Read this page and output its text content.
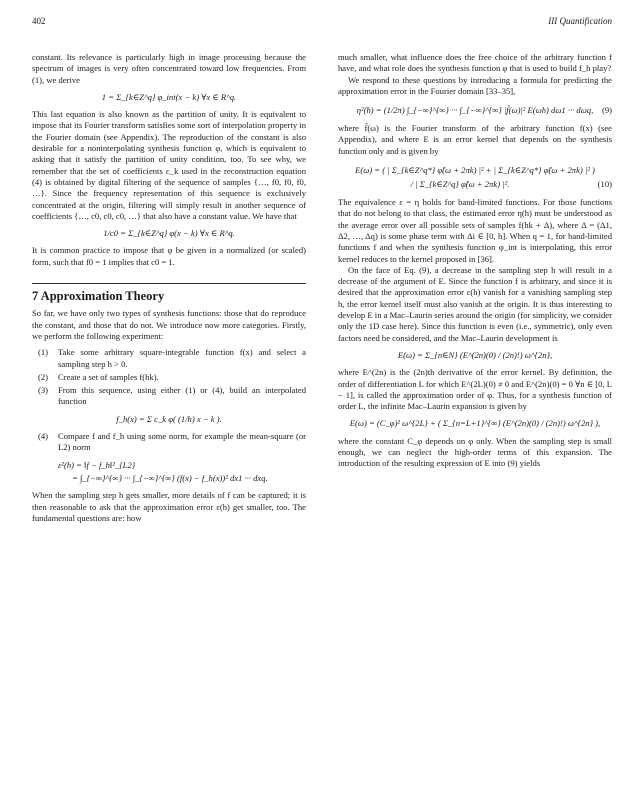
402	III Quantification

constant. Its relevance is particularly high in image processing because the spectrum of images is very often concentrated toward low frequencies. From (1), we derive

1 = Σ_{k∈Z^q} φ_int(x − k) ∀x ∈ R^q.

This last equation is also known as the partition of unity. It is equivalent to impose that its Fourier transform satisfies some sort of interpolation property in the Fourier domain (see Appendix). The reproduction of the constant is also desirable for a noninterpolating synthesis function φ, which is equivalent to asking that it satisfy the partition of unity condition, too. To see why, we remember that the set of coefficients c_k used in the reconstruction equation (4) is obtained by digital filtering of the sequence of samples {…, f0, f0, f0, …}. Since the frequency representation of this sequence is exclusively concentrated at the origin, filtering will simply result in another sequence of coefficients {…, c0, c0, c0, …} that also have a constant value. We have that

1/c0 = Σ_{k∈Z^q} φ(x − k) ∀x ∈ R^q.

It is common practice to impose that φ be given in a normalized (or scaled) form, such that f0 = 1 implies that c0 = 1.

7 Approximation Theory

So far, we have only two types of synthesis functions: those that do reproduce the constant, and those that do not. We introduce now more categories. Firstly, we perform the following experiment:

(1) Take some arbitrary square-integrable function f(x) and select a sampling step h > 0.
(2) Create a set of samples f(hk).
(3) From this sequence, using either (1) or (4), build an interpolated function
f_h(x) = Σ c_k φ( (1/h) x − k ).
(4) Compare f and f_h using some norm, for example the mean-square (or L2) norm
ε²(h) = ‖f − f_h‖²_{L2}
= ∫_{−∞}^{∞} ··· ∫_{−∞}^{∞} (f(x) − f_h(x))² dx1 ··· dxq.

When the sampling step h gets smaller, more details of f can be captured; it is then reasonable to ask that the approximation error ε(h) get smaller, too. The fundamental questions are: how

much smaller, what influence does the free choice of the arbitrary function f have, and what role does the synthesis function φ that is used to build f_h play?

We respond to these questions by introducing a formula for predicting the approximation error in the Fourier domain [33–35],

η²(h) = (1/2π) ∫_{−∞}^{∞} ··· ∫_{−∞}^{∞} |f̂(ω)|² E(ωh) dω1 ··· dωq, (9)

where f̂(ω) is the Fourier transform of the arbitrary function f(x) (see Appendix), and where E is an error kernel that depends on the synthesis function only and is given by

E(ω) = ( | Σ_{k∈Z^q*} φ̂(ω + 2πk) |² + | Σ_{k∈Z^q*} φ̂(ω + 2πk) |² )
/ | Σ_{k∈Z^q} φ̂(ω + 2πk) |².	(10)

The equivalence ε = η holds for band-limited functions. For those functions that do not belong to that class, the estimated error η(h) must be understood as the average error over all possible sets of samples f(hk + Δ), where Δ = (Δ1, Δ2, …, Δq) is some phase term with Δi ∈ [0, h]. When q = 1, for band-limited functions f and when the synthesis function φ_int is interpolating, this error kernel reduces to the kernel proposed in [36].

On the face of Eq. (9), a decrease in the sampling step h will result in a decrease of the argument of E. Since the function f is arbitrary, and since it is desired that the approximation error ε(h) vanish for a vanishing sampling step h, the error kernel itself must also vanish at the origin. It is thus interesting to develop E in a Mac–Laurin series around the origin (for simplicity, we consider only the 1D case here). Since this function is even (i.e., symmetric), only even factors need be considered, and the Mac–Laurin development is

E(ω) = Σ_{n∈N} (E^(2n)(0) / (2n)!) ω^{2n},

where E^(2n) is the (2n)th derivative of the error kernel. By definition, the order of differentiation L for which E^(2L)(0) ≠ 0 and E^(2n)(0) = 0 ∀n ∈ [0, L − 1], is called the approximation order of φ. Thus, for a synthesis function of order L, the infinite Mac–Laurin expansion is given by

E(ω) = (C_φ)² ω^{2L} + ( Σ_{n=L+1}^{∞} (E^(2n)(0) / (2n)!) ω^{2n} ),

where the constant C_φ depends on φ only. When the sampling step is small enough, we can neglect the high-order terms of this expansion. The introduction of the resulting expression of E into (9) yields
